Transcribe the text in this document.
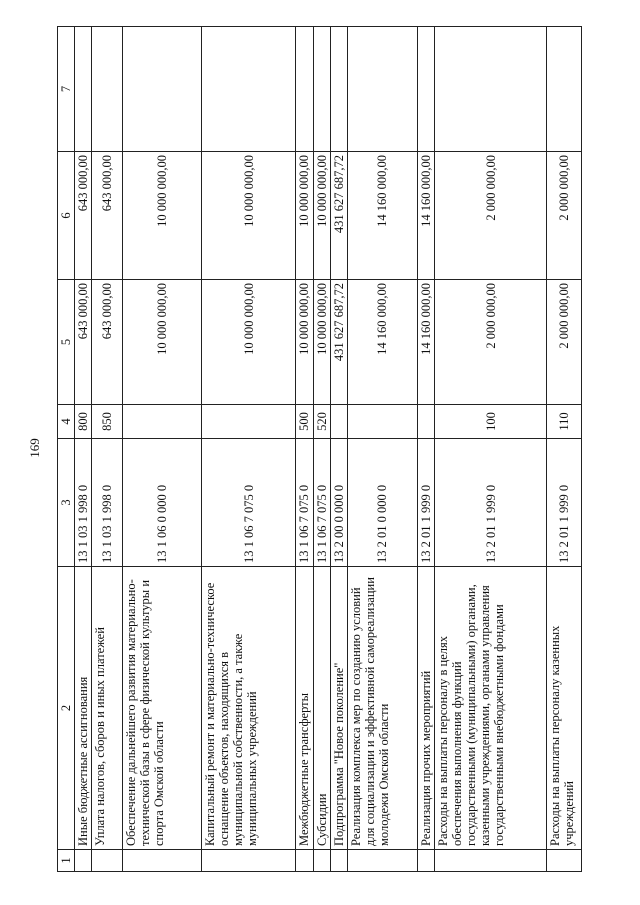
169
1	2	3	4	5	6	7
	Иные бюджетные ассигнования	13 1 03 1 998 0	800	643 000,00	643 000,00	
	Уплата налогов, сборов и иных платежей	13 1 03 1 998 0	850	643 000,00	643 000,00	
	Обеспечение дальнейшего развития материально-технической базы в сфере физической культуры и спорта Омской области	13 1 06 0 000 0		10 000 000,00	10 000 000,00	
	Капитальный ремонт и материально-техническое оснащение объектов, находящихся в муниципальной собственности, а также муниципальных учреждений	13 1 06 7 075 0		10 000 000,00	10 000 000,00	
	Межбюджетные трансферты	13 1 06 7 075 0	500	10 000 000,00	10 000 000,00	
	Субсидии	13 1 06 7 075 0	520	10 000 000,00	10 000 000,00	
	Подпрограмма "Новое поколение"	13 2 00 0 000 0		431 627 687,72	431 627 687,72	
	Реализация комплекса мер по созданию условий для социализации и эффективной самореализации молодежи Омской области	13 2 01 0 000 0		14 160 000,00	14 160 000,00	
	Реализация прочих мероприятий	13 2 01 1 999 0		14 160 000,00	14 160 000,00	
	Расходы на выплаты персоналу в целях обеспечения выполнения функций государственными (муниципальными) органами, казенными учреждениями, органами управления государственными внебюджетными фондами	13 2 01 1 999 0	100	2 000 000,00	2 000 000,00	
	Расходы на выплаты персоналу казенных учреждений	13 2 01 1 999 0	110	2 000 000,00	2 000 000,00	
